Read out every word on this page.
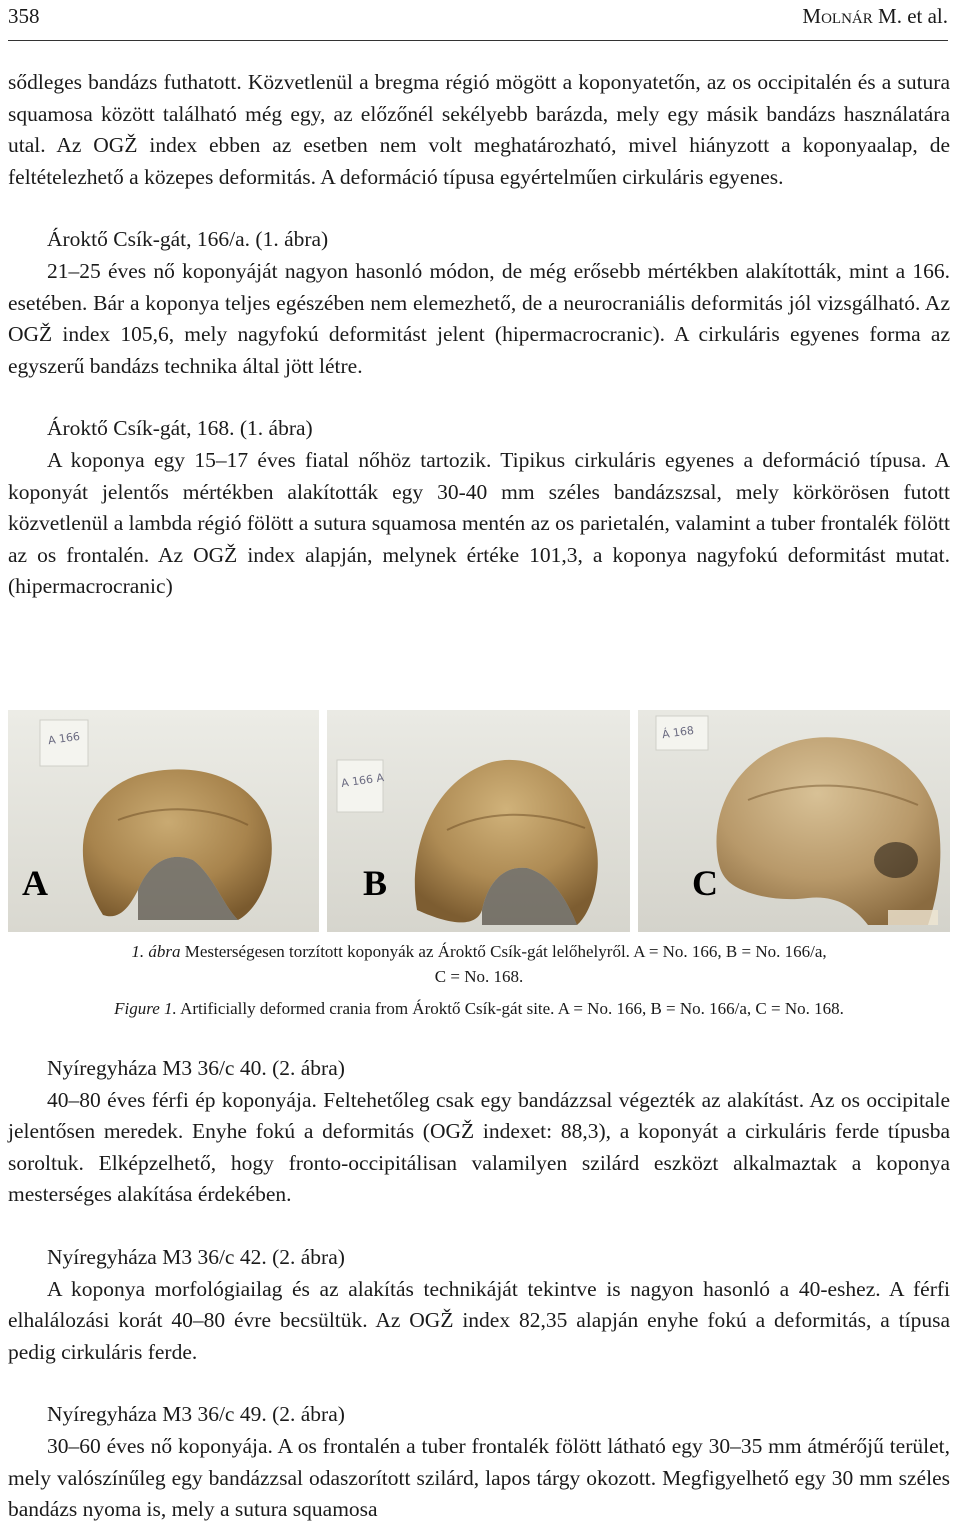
358	Molnár M. et al.

sődleges bandázs futhatott. Közvetlenül a bregma régió mögött a koponyatetőn, az os occipitalén és a sutura squamosa között található még egy, az előzőnél sekélyebb barázda, mely egy másik bandázs használatára utal. Az OGŽ index ebben az esetben nem volt meghatározható, mivel hiányzott a koponyaalap, de feltételezhető a közepes deformitás. A deformáció típusa egyértelműen cirkuláris egyenes.

Ároktő Csík-gát, 166/a. (1. ábra)

21–25 éves nő koponyáját nagyon hasonló módon, de még erősebb mértékben alakították, mint a 166. esetében. Bár a koponya teljes egészében nem elemezhető, de a neurocraniális deformitás jól vizsgálható. Az OGŽ index 105,6, mely nagyfokú deformitást jelent (hipermacrocranic). A cirkuláris egyenes forma az egyszerű bandázs technika által jött létre.

Ároktő Csík-gát, 168. (1. ábra)

A koponya egy 15–17 éves fiatal nőhöz tartozik. Tipikus cirkuláris egyenes a deformáció típusa. A koponyát jelentős mértékben alakították egy 30-40 mm széles bandázszsal, mely körkörösen futott közvetlenül a lambda régió fölött a sutura squamosa mentén az os parietalén, valamint a tuber frontalék fölött az os frontalén. Az OGŽ index alapján, melynek értéke 101,3, a koponya nagyfokú deformitást mutat. (hipermacrocranic)

A 166
A
A 166 A
B
Á 168
C
1. ábra Mesterségesen torzított koponyák az Ároktő Csík-gát lelőhelyről. A = No. 166, B = No. 166/a,
C = No. 168.
Figure 1. Artificially deformed crania from Ároktő Csík-gát site. A = No. 166, B = No. 166/a, C = No. 168.

Nyíregyháza M3 36/c 40. (2. ábra)

40–80 éves férfi ép koponyája. Feltehetőleg csak egy bandázzsal végezték az alakítást. Az os occipitale jelentősen meredek. Enyhe fokú a deformitás (OGŽ indexet: 88,3), a koponyát a cirkuláris ferde típusba soroltuk. Elképzelhető, hogy fronto-occipitálisan valamilyen szilárd eszközt alkalmaztak a koponya mesterséges alakítása érdekében.

Nyíregyháza M3 36/c 42. (2. ábra)

A koponya morfológiailag és az alakítás technikáját tekintve is nagyon hasonló a 40-eshez. A férfi elhalálozási korát 40–80 évre becsültük. Az OGŽ index 82,35 alapján enyhe fokú a deformitás, a típusa pedig cirkuláris ferde.

Nyíregyháza M3 36/c 49. (2. ábra)

30–60 éves nő koponyája. A os frontalén a tuber frontalék fölött látható egy 30–35 mm átmérőjű terület, mely valószínűleg egy bandázzsal odaszorított szilárd, lapos tárgy okozott. Megfigyelhető egy 30 mm széles bandázs nyoma is, mely a sutura squamosa
